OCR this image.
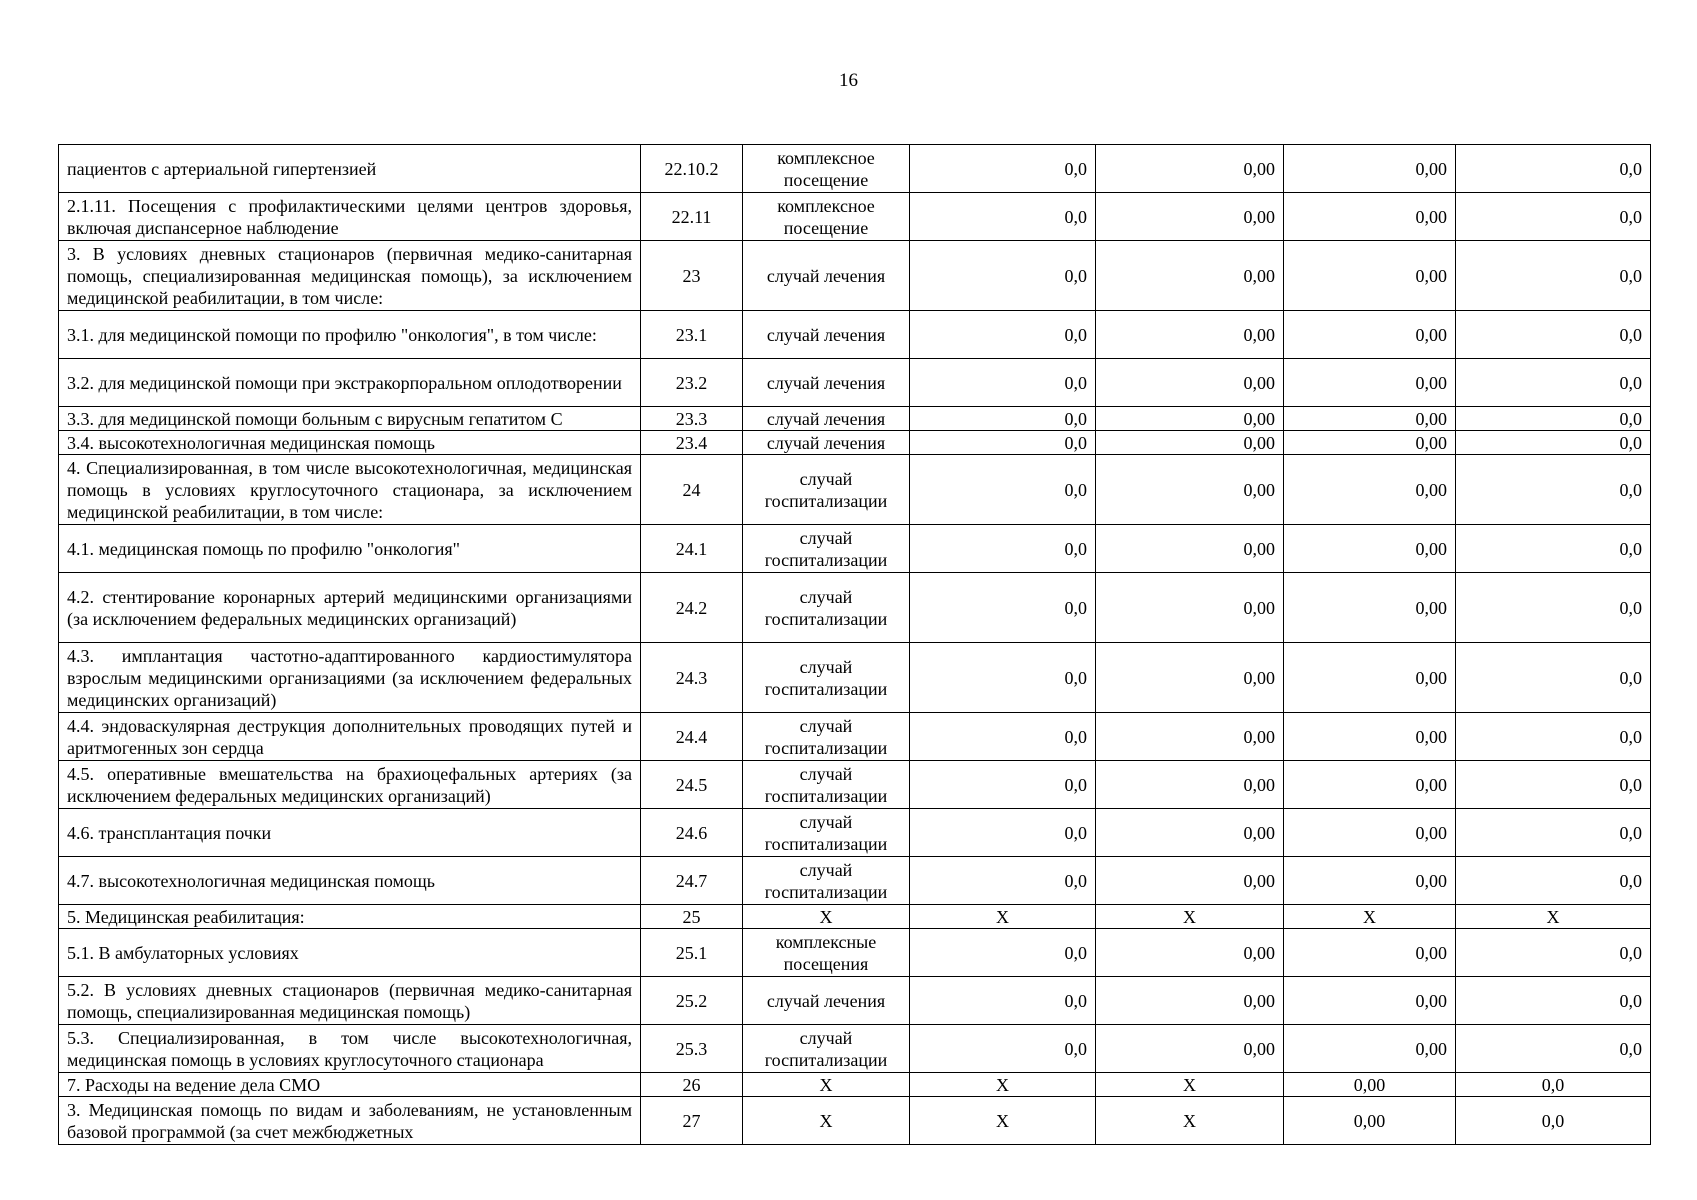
16
пациентов с артериальной гипертензией	22.10.2	комплексное посещение	0,0	0,00	0,00	0,0
2.1.11. Посещения с профилактическими целями центров здоровья, включая диспансерное наблюдение	22.11	комплексное посещение	0,0	0,00	0,00	0,0
3. В условиях дневных стационаров (первичная медико-санитарная помощь, специализированная медицинская помощь), за исключением медицинской реабилитации, в том числе:	23	случай лечения	0,0	0,00	0,00	0,0
3.1. для медицинской помощи по профилю "онкология", в том числе:	23.1	случай лечения	0,0	0,00	0,00	0,0
3.2. для медицинской помощи при экстракорпоральном оплодотворении	23.2	случай лечения	0,0	0,00	0,00	0,0
3.3. для медицинской помощи больным с вирусным гепатитом С	23.3	случай лечения	0,0	0,00	0,00	0,0
3.4. высокотехнологичная медицинская помощь	23.4	случай лечения	0,0	0,00	0,00	0,0
4. Специализированная, в том числе высокотехнологичная, медицинская помощь в условиях круглосуточного стационара, за исключением медицинской реабилитации, в том числе:	24	случай госпитализации	0,0	0,00	0,00	0,0
4.1. медицинская помощь по профилю "онкология"	24.1	случай госпитализации	0,0	0,00	0,00	0,0
4.2. стентирование коронарных артерий медицинскими организациями (за исключением федеральных медицинских организаций)	24.2	случай госпитализации	0,0	0,00	0,00	0,0
4.3. имплантация частотно-адаптированного кардиостимулятора взрослым медицинскими организациями (за исключением федеральных медицинских организаций)	24.3	случай госпитализации	0,0	0,00	0,00	0,0
4.4. эндоваскулярная деструкция дополнительных проводящих путей и аритмогенных зон сердца	24.4	случай госпитализации	0,0	0,00	0,00	0,0
4.5. оперативные вмешательства на брахиоцефальных артериях (за исключением федеральных медицинских организаций)	24.5	случай госпитализации	0,0	0,00	0,00	0,0
4.6. трансплантация почки	24.6	случай госпитализации	0,0	0,00	0,00	0,0
4.7. высокотехнологичная медицинская помощь	24.7	случай госпитализации	0,0	0,00	0,00	0,0
5. Медицинская реабилитация:	25	Х	Х	Х	Х	Х
5.1. В амбулаторных условиях	25.1	комплексные посещения	0,0	0,00	0,00	0,0
5.2. В условиях дневных стационаров (первичная медико-санитарная помощь, специализированная медицинская помощь)	25.2	случай лечения	0,0	0,00	0,00	0,0
5.3. Специализированная, в том числе высокотехнологичная, медицинская помощь в условиях круглосуточного стационара	25.3	случай госпитализации	0,0	0,00	0,00	0,0
7. Расходы на ведение дела СМО	26	Х	Х	Х	0,00	0,0
3. Медицинская помощь по видам и заболеваниям, не установленным базовой программой (за счет межбюджетных	27	Х	Х	Х	0,00	0,0
